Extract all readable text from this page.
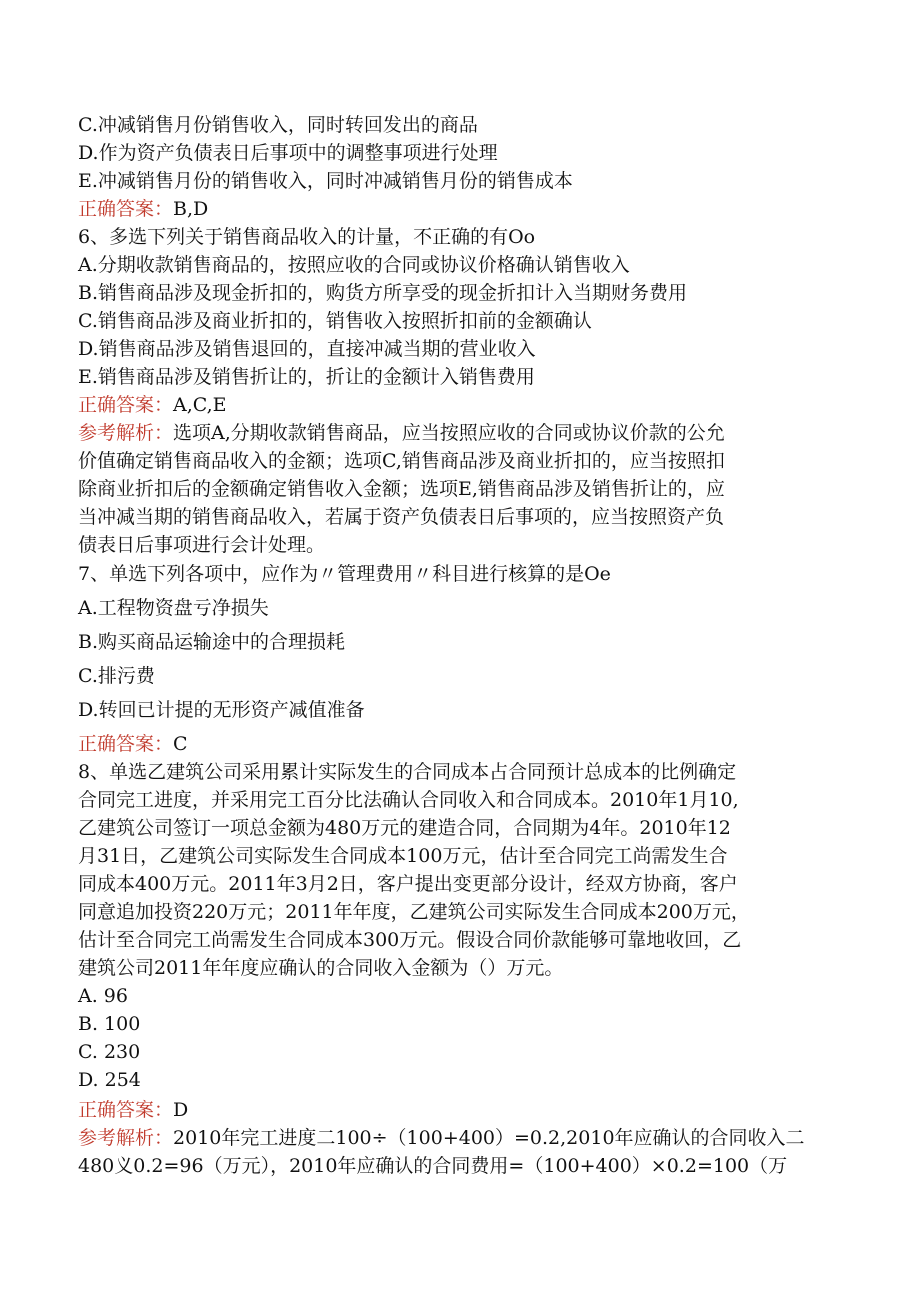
C.冲减销售月份销售收入，同时转回发出的商品
D.作为资产负债表日后事项中的调整事项进行处理
E.冲减销售月份的销售收入，同时冲减销售月份的销售成本
正确答案：B,D
6、多选下列关于销售商品收入的计量，不正确的有Oo
A.分期收款销售商品的，按照应收的合同或协议价格确认销售收入
B.销售商品涉及现金折扣的，购货方所享受的现金折扣计入当期财务费用
C.销售商品涉及商业折扣的，销售收入按照折扣前的金额确认
D.销售商品涉及销售退回的，直接冲减当期的营业收入
E.销售商品涉及销售折让的，折让的金额计入销售费用
正确答案：A,C,E
参考解析：选项A,分期收款销售商品，应当按照应收的合同或协议价款的公允
价值确定销售商品收入的金额；选项C,销售商品涉及商业折扣的，应当按照扣
除商业折扣后的金额确定销售收入金额；选项E,销售商品涉及销售折让的，应
当冲减当期的销售商品收入，若属于资产负债表日后事项的，应当按照资产负
债表日后事项进行会计处理。
7、单选下列各项中，应作为〃管理费用〃科目进行核算的是Oe
A.工程物资盘亏净损失
B.购买商品运输途中的合理损耗
C.排污费
D.转回已计提的无形资产减值准备
正确答案：C
8、单选乙建筑公司采用累计实际发生的合同成本占合同预计总成本的比例确定
合同完工进度，并采用完工百分比法确认合同收入和合同成本。2010年1月10,
乙建筑公司签订一项总金额为480万元的建造合同，合同期为4年。2010年12
月31日，乙建筑公司实际发生合同成本100万元，估计至合同完工尚需发生合
同成本400万元。2011年3月2日，客户提出变更部分设计，经双方协商，客户
同意追加投资220万元；2011年年度，乙建筑公司实际发生合同成本200万元，
估计至合同完工尚需发生合同成本300万元。假设合同价款能够可靠地收回，乙
建筑公司2011年年度应确认的合同收入金额为（）万元。
A. 96
B. 100
C. 230
D. 254
正确答案：D
参考解析：2010年完工进度二100÷（100+400）=0.2,2010年应确认的合同收入二
480义0.2=96（万元），2010年应确认的合同费用=（100+400）×0.2=100（万
